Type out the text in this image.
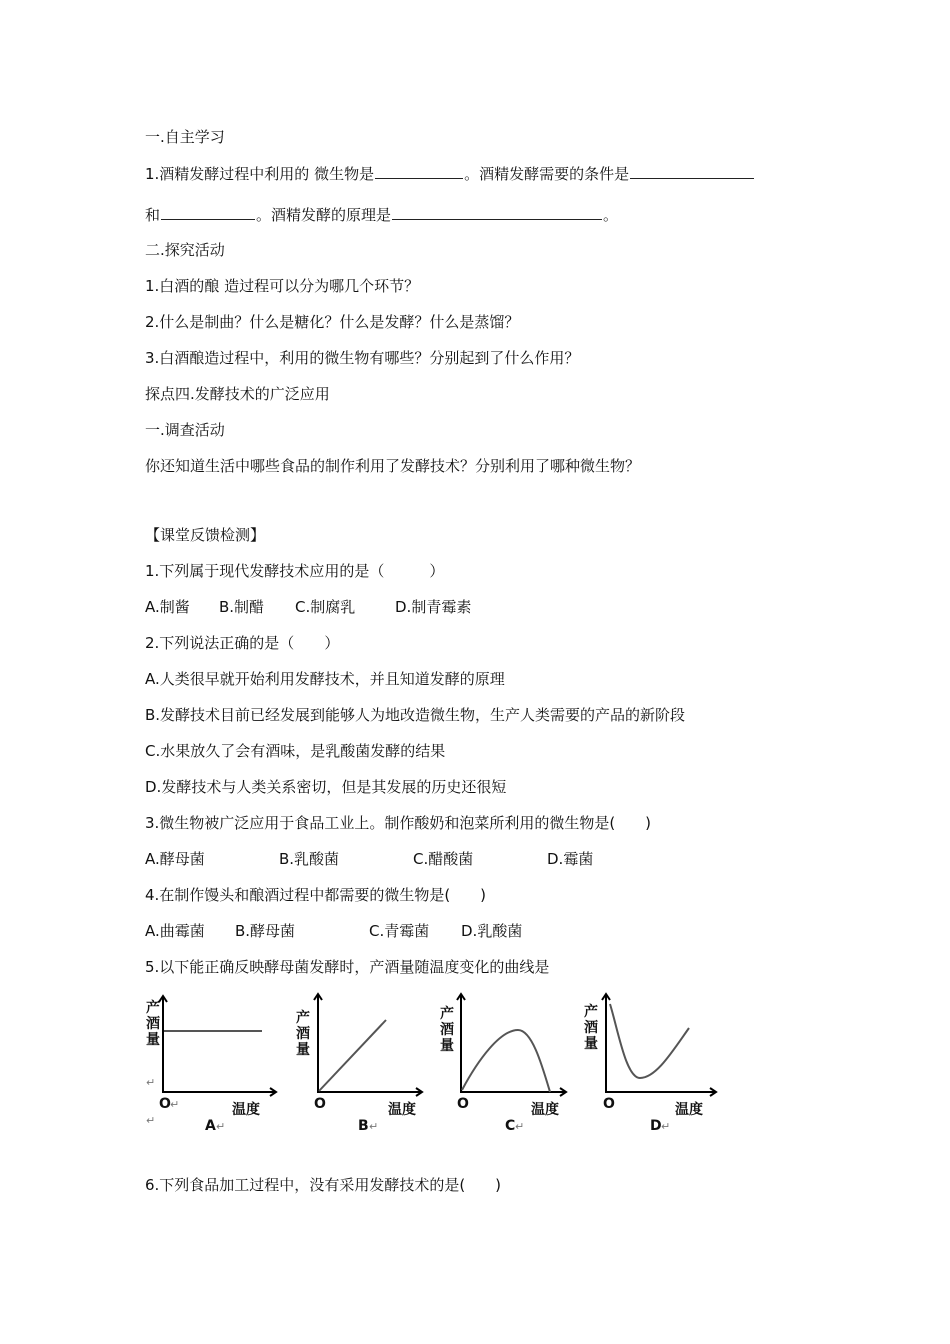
一.自主学习
1.酒精发酵过程中利用的 微生物是	。酒精发酵需要的条件是
和	。酒精发酵的原理是	。
二.探究活动
1.白酒的酿 造过程可以分为哪几个环节？
2.什么是制曲？什么是糖化？什么是发酵？什么是蒸馏？
3.白酒酿造过程中，利用的微生物有哪些？分别起到了什么作用？
探点四.发酵技术的广泛应用
一.调查活动
你还知道生活中哪些食品的制作利用了发酵技术？分别利用了哪种微生物？
【课堂反馈检测】
1.下列属于现代发酵技术应用的是（　　　）
A.制酱 B.制醋 C.制腐乳	D.制青霉素
2.下列说法正确的是（　　）
A.人类很早就开始利用发酵技术，并且知道发酵的原理
B.发酵技术目前已经发展到能够人为地改造微生物，生产人类需要的产品的新阶段
C.水果放久了会有酒味，是乳酸菌发酵的结果
D.发酵技术与人类关系密切，但是其发展的历史还很短
3.微生物被广泛应用于食品工业上。制作酸奶和泡菜所利用的微生物是(　　)
A.酵母菌	B.乳酸菌	C.醋酸菌	D.霉菌
4.在制作馒头和酿酒过程中都需要的微生物是(　　)
A.曲霉菌 B.酵母菌	C.青霉菌 D.乳酸菌
5.以下能正确反映酵母菌发酵时，产酒量随温度变化的曲线是
产酒量
O ↵	温度
↵
A ↵
↵
产酒量
O	温度
B ↵
产酒量
O	温度
C ↵
产酒量
O	温度
D ↵
6.下列食品加工过程中，没有采用发酵技术的是(　　)
